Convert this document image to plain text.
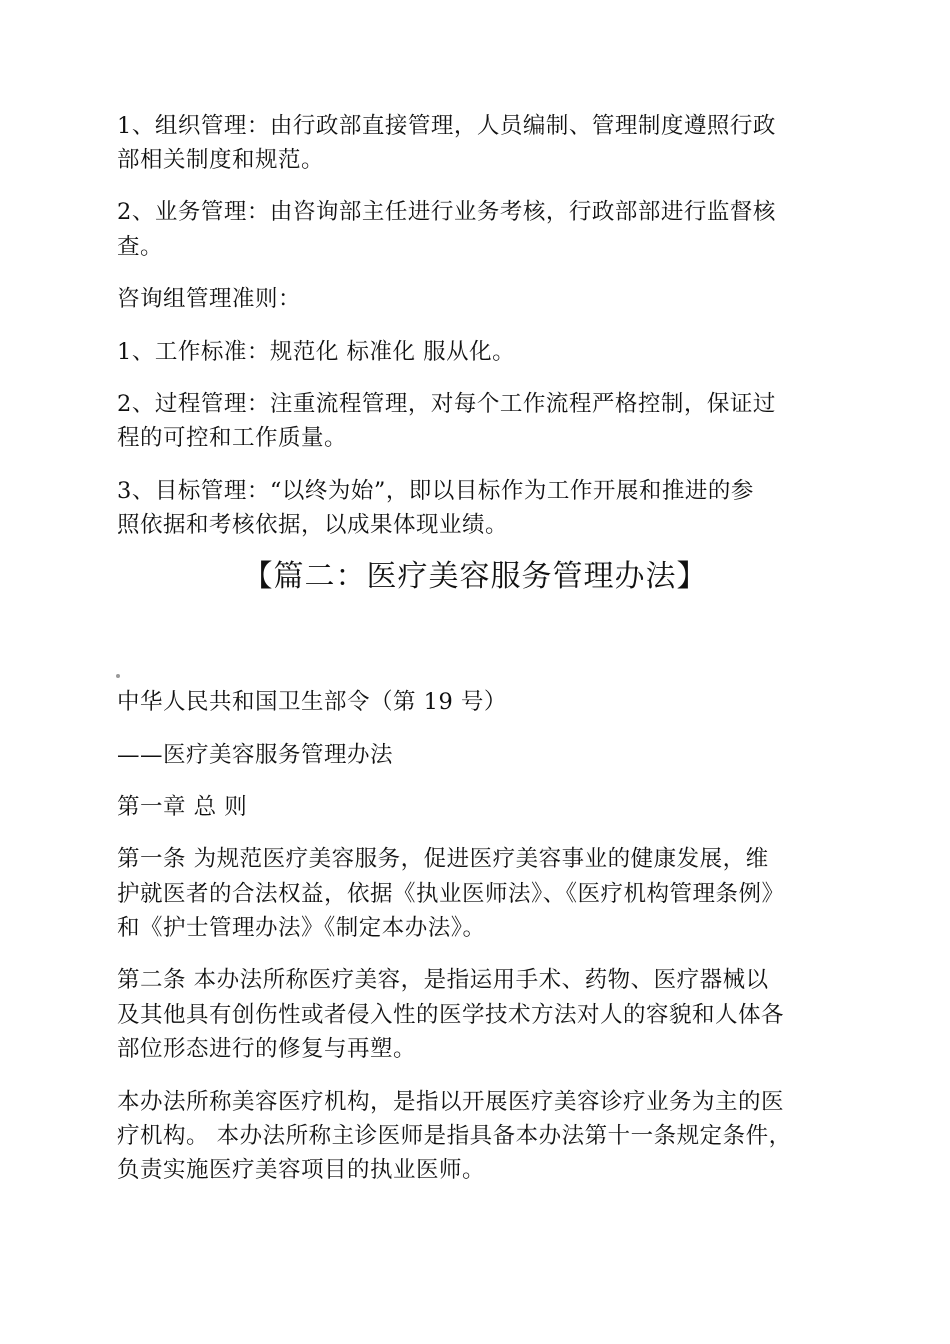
1、组织管理：由行政部直接管理，人员编制、管理制度遵照行政
部相关制度和规范。
2、业务管理：由咨询部主任进行业务考核，行政部部进行监督核
查。
咨询组管理准则：
1、工作标准：规范化 标准化 服从化。
2、过程管理：注重流程管理，对每个工作流程严格控制，保证过
程的可控和工作质量。
3、目标管理：“以终为始”，即以目标作为工作开展和推进的参
照依据和考核依据，以成果体现业绩。
【篇二：医疗美容服务管理办法】
中华人民共和国卫生部令（第 19 号）
——医疗美容服务管理办法
第一章 总 则
第一条 为规范医疗美容服务，促进医疗美容事业的健康发展，维
护就医者的合法权益，依据《执业医师法》、《医疗机构管理条例》
和《护士管理办法》《制定本办法》。
第二条 本办法所称医疗美容，是指运用手术、药物、医疗器械以
及其他具有创伤性或者侵入性的医学技术方法对人的容貌和人体各
部位形态进行的修复与再塑。
本办法所称美容医疗机构，是指以开展医疗美容诊疗业务为主的医
疗机构。 本办法所称主诊医师是指具备本办法第十一条规定条件，
负责实施医疗美容项目的执业医师。
